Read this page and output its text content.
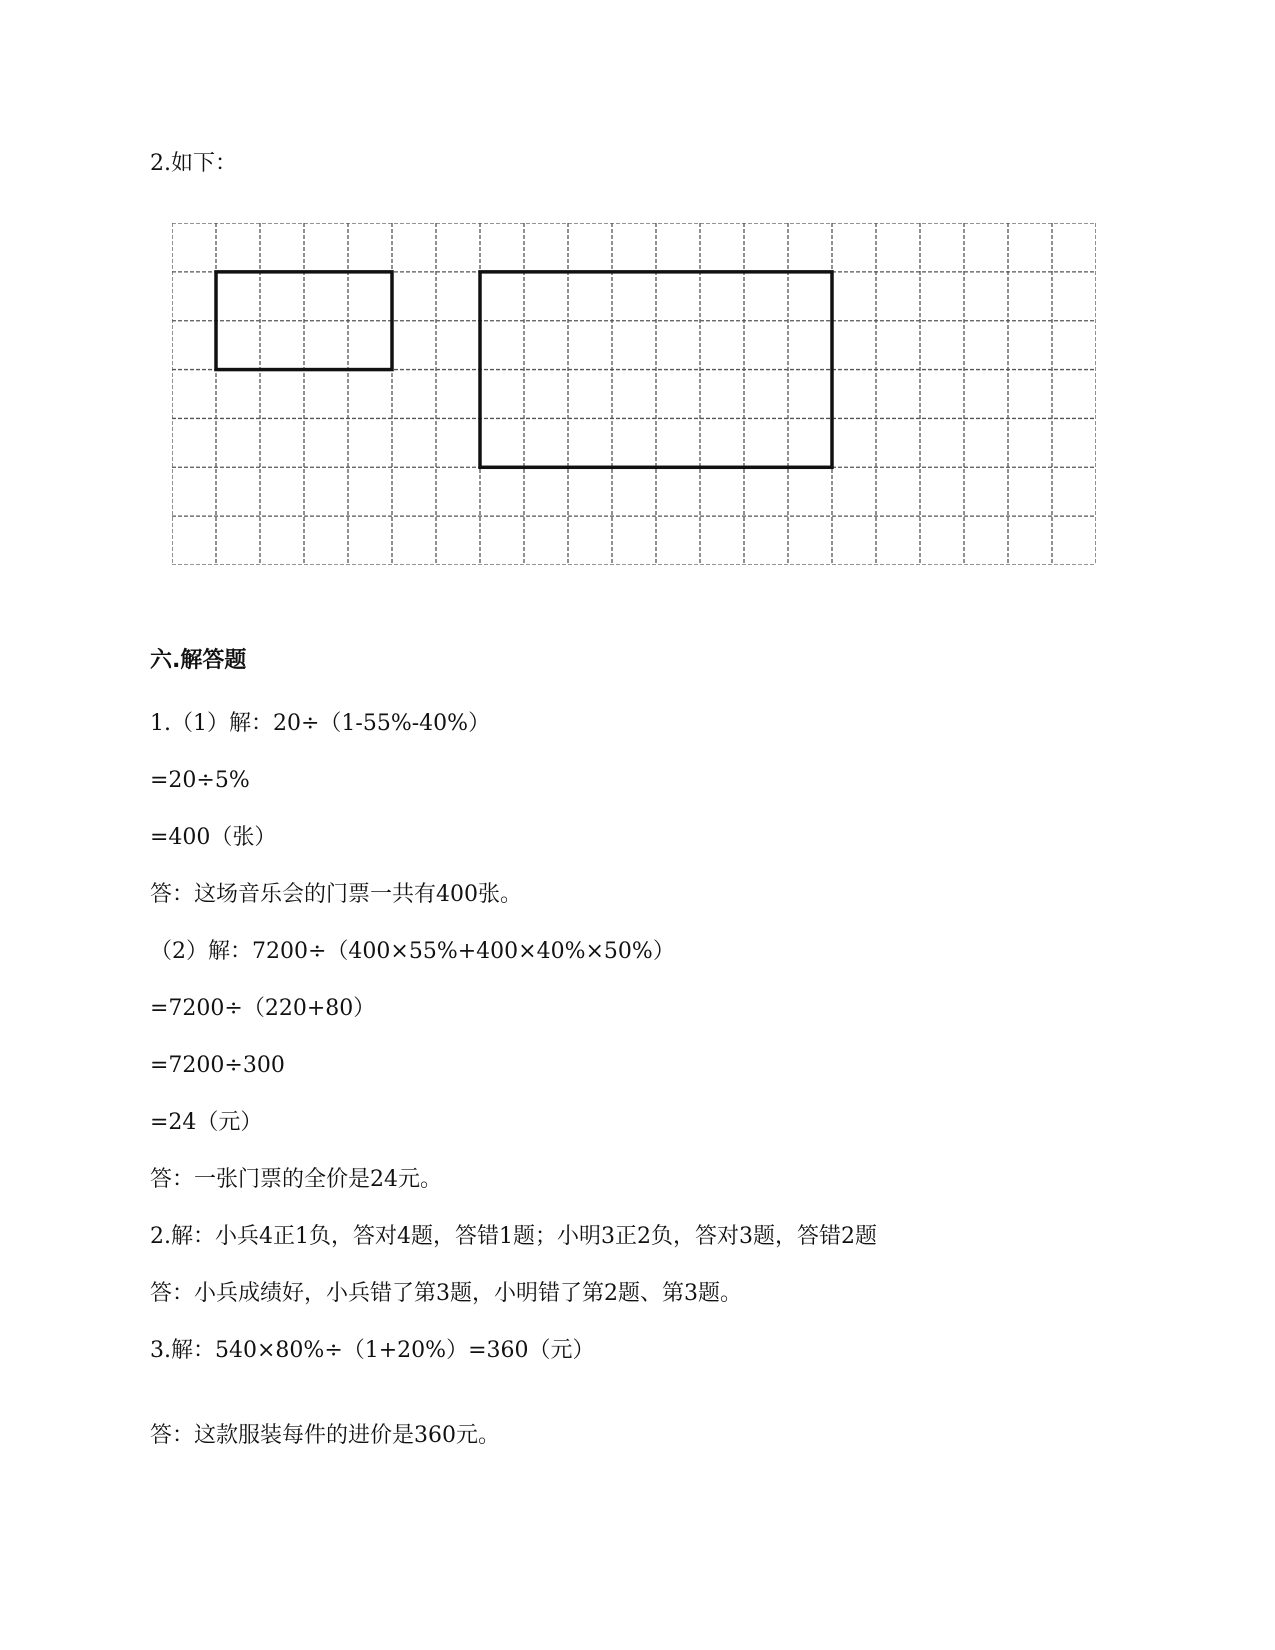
2.如下：
六.解答题
1.（1）解：20÷（1-55%-40%）
=20÷5%
=400（张）
答：这场音乐会的门票一共有400张。
（2）解：7200÷（400×55%+400×40%×50%）
=7200÷（220+80）
=7200÷300
=24（元）
答：一张门票的全价是24元。
2.解：小兵4正1负，答对4题，答错1题；小明3正2负，答对3题，答错2题
答：小兵成绩好，小兵错了第3题，小明错了第2题、第3题。
3.解：540×80%÷（1+20%）=360（元）
答：这款服装每件的进价是360元。
